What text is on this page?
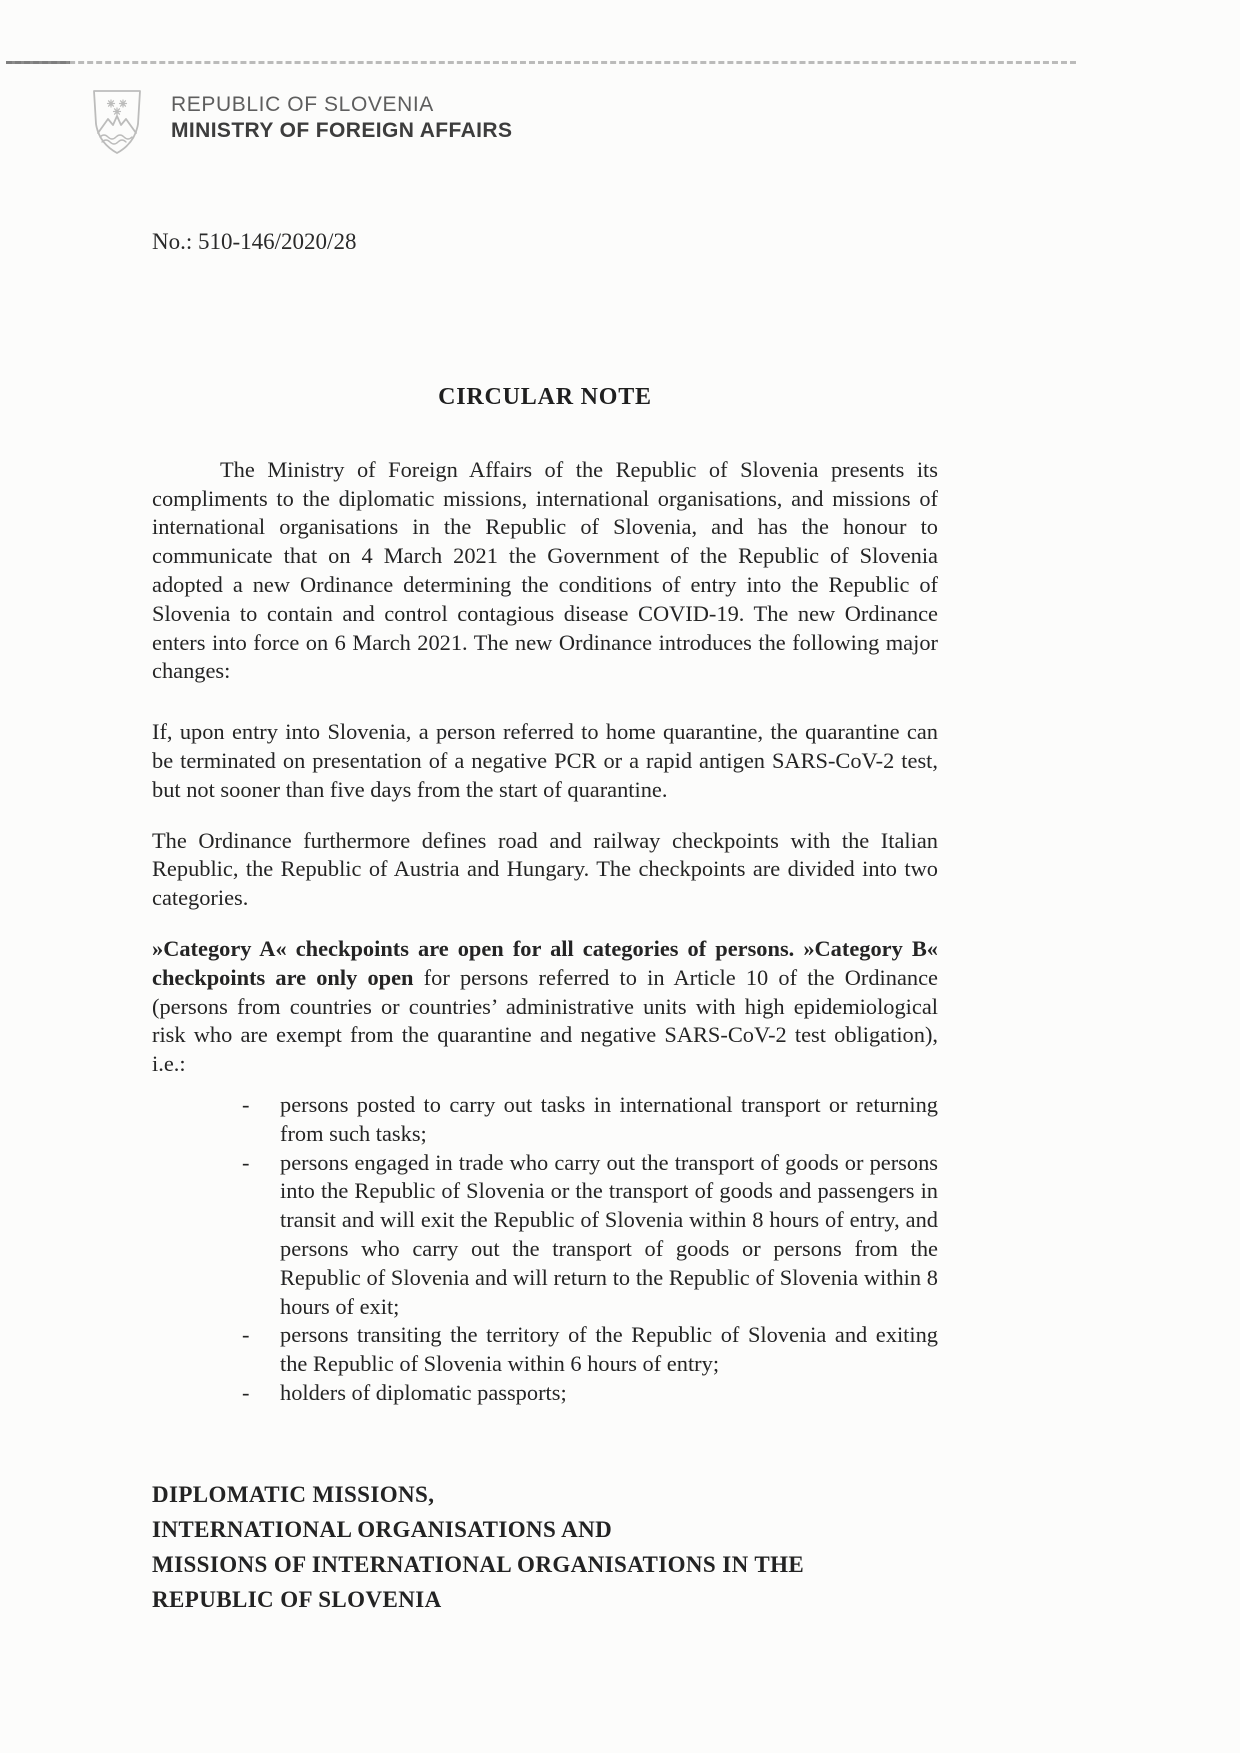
REPUBLIC OF SLOVENIA
MINISTRY OF FOREIGN AFFAIRS
No.: 510-146/2020/28
CIRCULAR NOTE
The Ministry of Foreign Affairs of the Republic of Slovenia presents its compliments to the diplomatic missions, international organisations, and missions of international organisations in the Republic of Slovenia, and has the honour to communicate that on 4 March 2021 the Government of the Republic of Slovenia adopted a new Ordinance determining the conditions of entry into the Republic of Slovenia to contain and control contagious disease COVID-19. The new Ordinance enters into force on 6 March 2021. The new Ordinance introduces the following major changes:
If, upon entry into Slovenia, a person referred to home quarantine, the quarantine can be terminated on presentation of a negative PCR or a rapid antigen SARS-CoV-2 test, but not sooner than five days from the start of quarantine.
The Ordinance furthermore defines road and railway checkpoints with the Italian Republic, the Republic of Austria and Hungary. The checkpoints are divided into two categories.
»Category A« checkpoints are open for all categories of persons. »Category B« checkpoints are only open for persons referred to in Article 10 of the Ordinance (persons from countries or countries’ administrative units with high epidemiological risk who are exempt from the quarantine and negative SARS-CoV-2 test obligation), i.e.:
-	persons posted to carry out tasks in international transport or returning from such tasks;
-	persons engaged in trade who carry out the transport of goods or persons into the Republic of Slovenia or the transport of goods and passengers in transit and will exit the Republic of Slovenia within 8 hours of entry, and persons who carry out the transport of goods or persons from the Republic of Slovenia and will return to the Republic of Slovenia within 8 hours of exit;
-	persons transiting the territory of the Republic of Slovenia and exiting the Republic of Slovenia within 6 hours of entry;
-	holders of diplomatic passports;
DIPLOMATIC MISSIONS,
INTERNATIONAL ORGANISATIONS AND
MISSIONS OF INTERNATIONAL ORGANISATIONS IN THE
REPUBLIC OF SLOVENIA
